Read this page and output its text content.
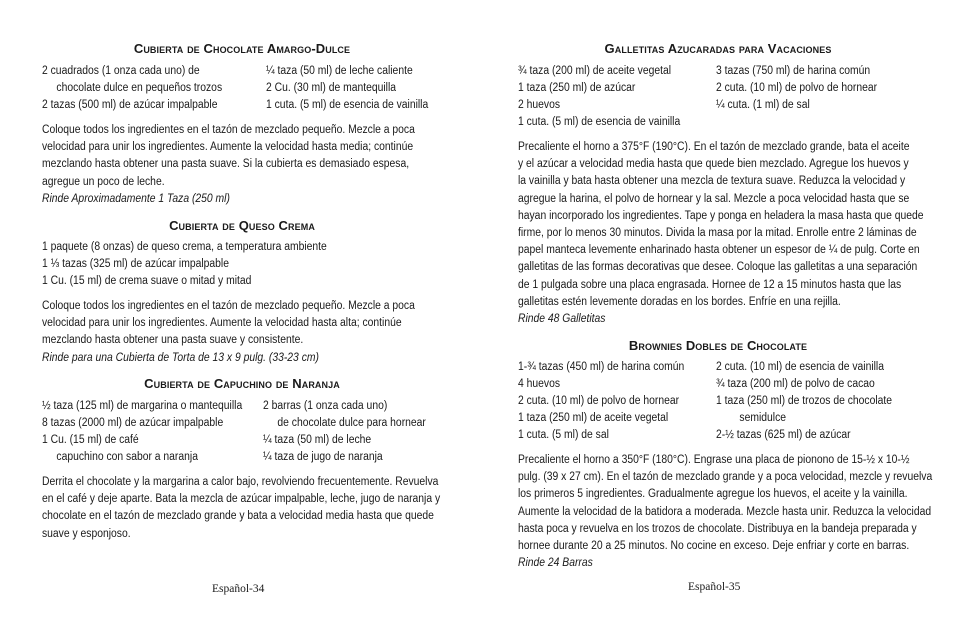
Cubierta de Chocolate Amargo-Dulce
2 cuadrados (1 onza cada uno) de
chocolate dulce en pequeños trozos
2 tazas (500 ml) de azúcar impalpable
¼ taza (50 ml) de leche caliente
2 Cu. (30 ml) de mantequilla
1 cuta. (5 ml) de esencia de vainilla
Coloque todos los ingredientes en el tazón de mezclado pequeño. Mezcle a poca
velocidad para unir los ingredientes. Aumente la velocidad hasta media; continúe
mezclando hasta obtener una pasta suave. Si la cubierta es demasiado espesa,
agregue un poco de leche.
Rinde Aproximadamente 1 Taza (250 ml)
Cubierta de Queso Crema
1 paquete (8 onzas) de queso crema, a temperatura ambiente
1 ⅓ tazas (325 ml) de azúcar impalpable
1 Cu. (15 ml) de crema suave o mitad y mitad
Coloque todos los ingredientes en el tazón de mezclado pequeño. Mezcle a poca
velocidad para unir los ingredientes. Aumente la velocidad hasta alta; continúe
mezclando hasta obtener una pasta suave y consistente.
Rinde para una Cubierta de Torta de 13 x 9 pulg. (33-23 cm)
Cubierta de Capuchino de Naranja
½ taza (125 ml) de margarina o mantequilla
8 tazas (2000 ml) de azúcar impalpable
1 Cu. (15 ml) de café
capuchino con sabor a naranja
2 barras (1 onza cada uno)
de chocolate dulce para hornear
¼ taza (50 ml) de leche
¼ taza de jugo de naranja
Derrita el chocolate y la margarina a calor bajo, revolviendo frecuentemente. Revuelva
en el café y deje aparte. Bata la mezcla de azúcar impalpable, leche, jugo de naranja y
chocolate en el tazón de mezclado grande y bata a velocidad media hasta que quede
suave y esponjoso.
Español-34
Galletitas Azucaradas para Vacaciones
¾ taza (200 ml) de aceite vegetal
1 taza (250 ml) de azúcar
2 huevos
1 cuta. (5 ml) de esencia de vainilla
3 tazas (750 ml) de harina común
2 cuta. (10 ml) de polvo de hornear
¼ cuta. (1 ml) de sal
Precaliente el horno a 375°F (190°C). En el tazón de mezclado grande, bata el aceite
y el azúcar a velocidad media hasta que quede bien mezclado. Agregue los huevos y
la vainilla y bata hasta obtener una mezcla de textura suave. Reduzca la velocidad y
agregue la harina, el polvo de hornear y la sal. Mezcle a poca velocidad hasta que se
hayan incorporado los ingredientes. Tape y ponga en heladera la masa hasta que quede
firme, por lo menos 30 minutos. Divida la masa por la mitad. Enrolle entre 2 láminas de
papel manteca levemente enharinado hasta obtener un espesor de ¼ de pulg. Corte en
galletitas de las formas decorativas que desee. Coloque las galletitas a una separación
de 1 pulgada sobre una placa engrasada. Hornee de 12 a 15 minutos hasta que las
galletitas estén levemente doradas en los bordes. Enfríe en una rejilla.
Rinde 48 Galletitas
Brownies Dobles de Chocolate
1-¾ tazas (450 ml) de harina común
4 huevos
2 cuta. (10 ml) de polvo de hornear
1 taza (250 ml) de aceite vegetal
1 cuta. (5 ml) de sal
2 cuta. (10 ml) de esencia de vainilla
¾ taza (200 ml) de polvo de cacao
1 taza (250 ml) de trozos de chocolate
semidulce
2-½ tazas (625 ml) de azúcar
Precaliente el horno a 350°F (180°C). Engrase una placa de pionono de 15-½ x 10-½
pulg. (39 x 27 cm). En el tazón de mezclado grande y a poca velocidad, mezcle y revuelva
los primeros 5 ingredientes. Gradualmente agregue los huevos, el aceite y la vainilla.
Aumente la velocidad de la batidora a moderada. Mezcle hasta unir. Reduzca la velocidad
hasta poca y revuelva en los trozos de chocolate. Distribuya en la bandeja preparada y
hornee durante 20 a 25 minutos. No cocine en exceso. Deje enfriar y corte en barras.
Rinde 24 Barras
Español-35
